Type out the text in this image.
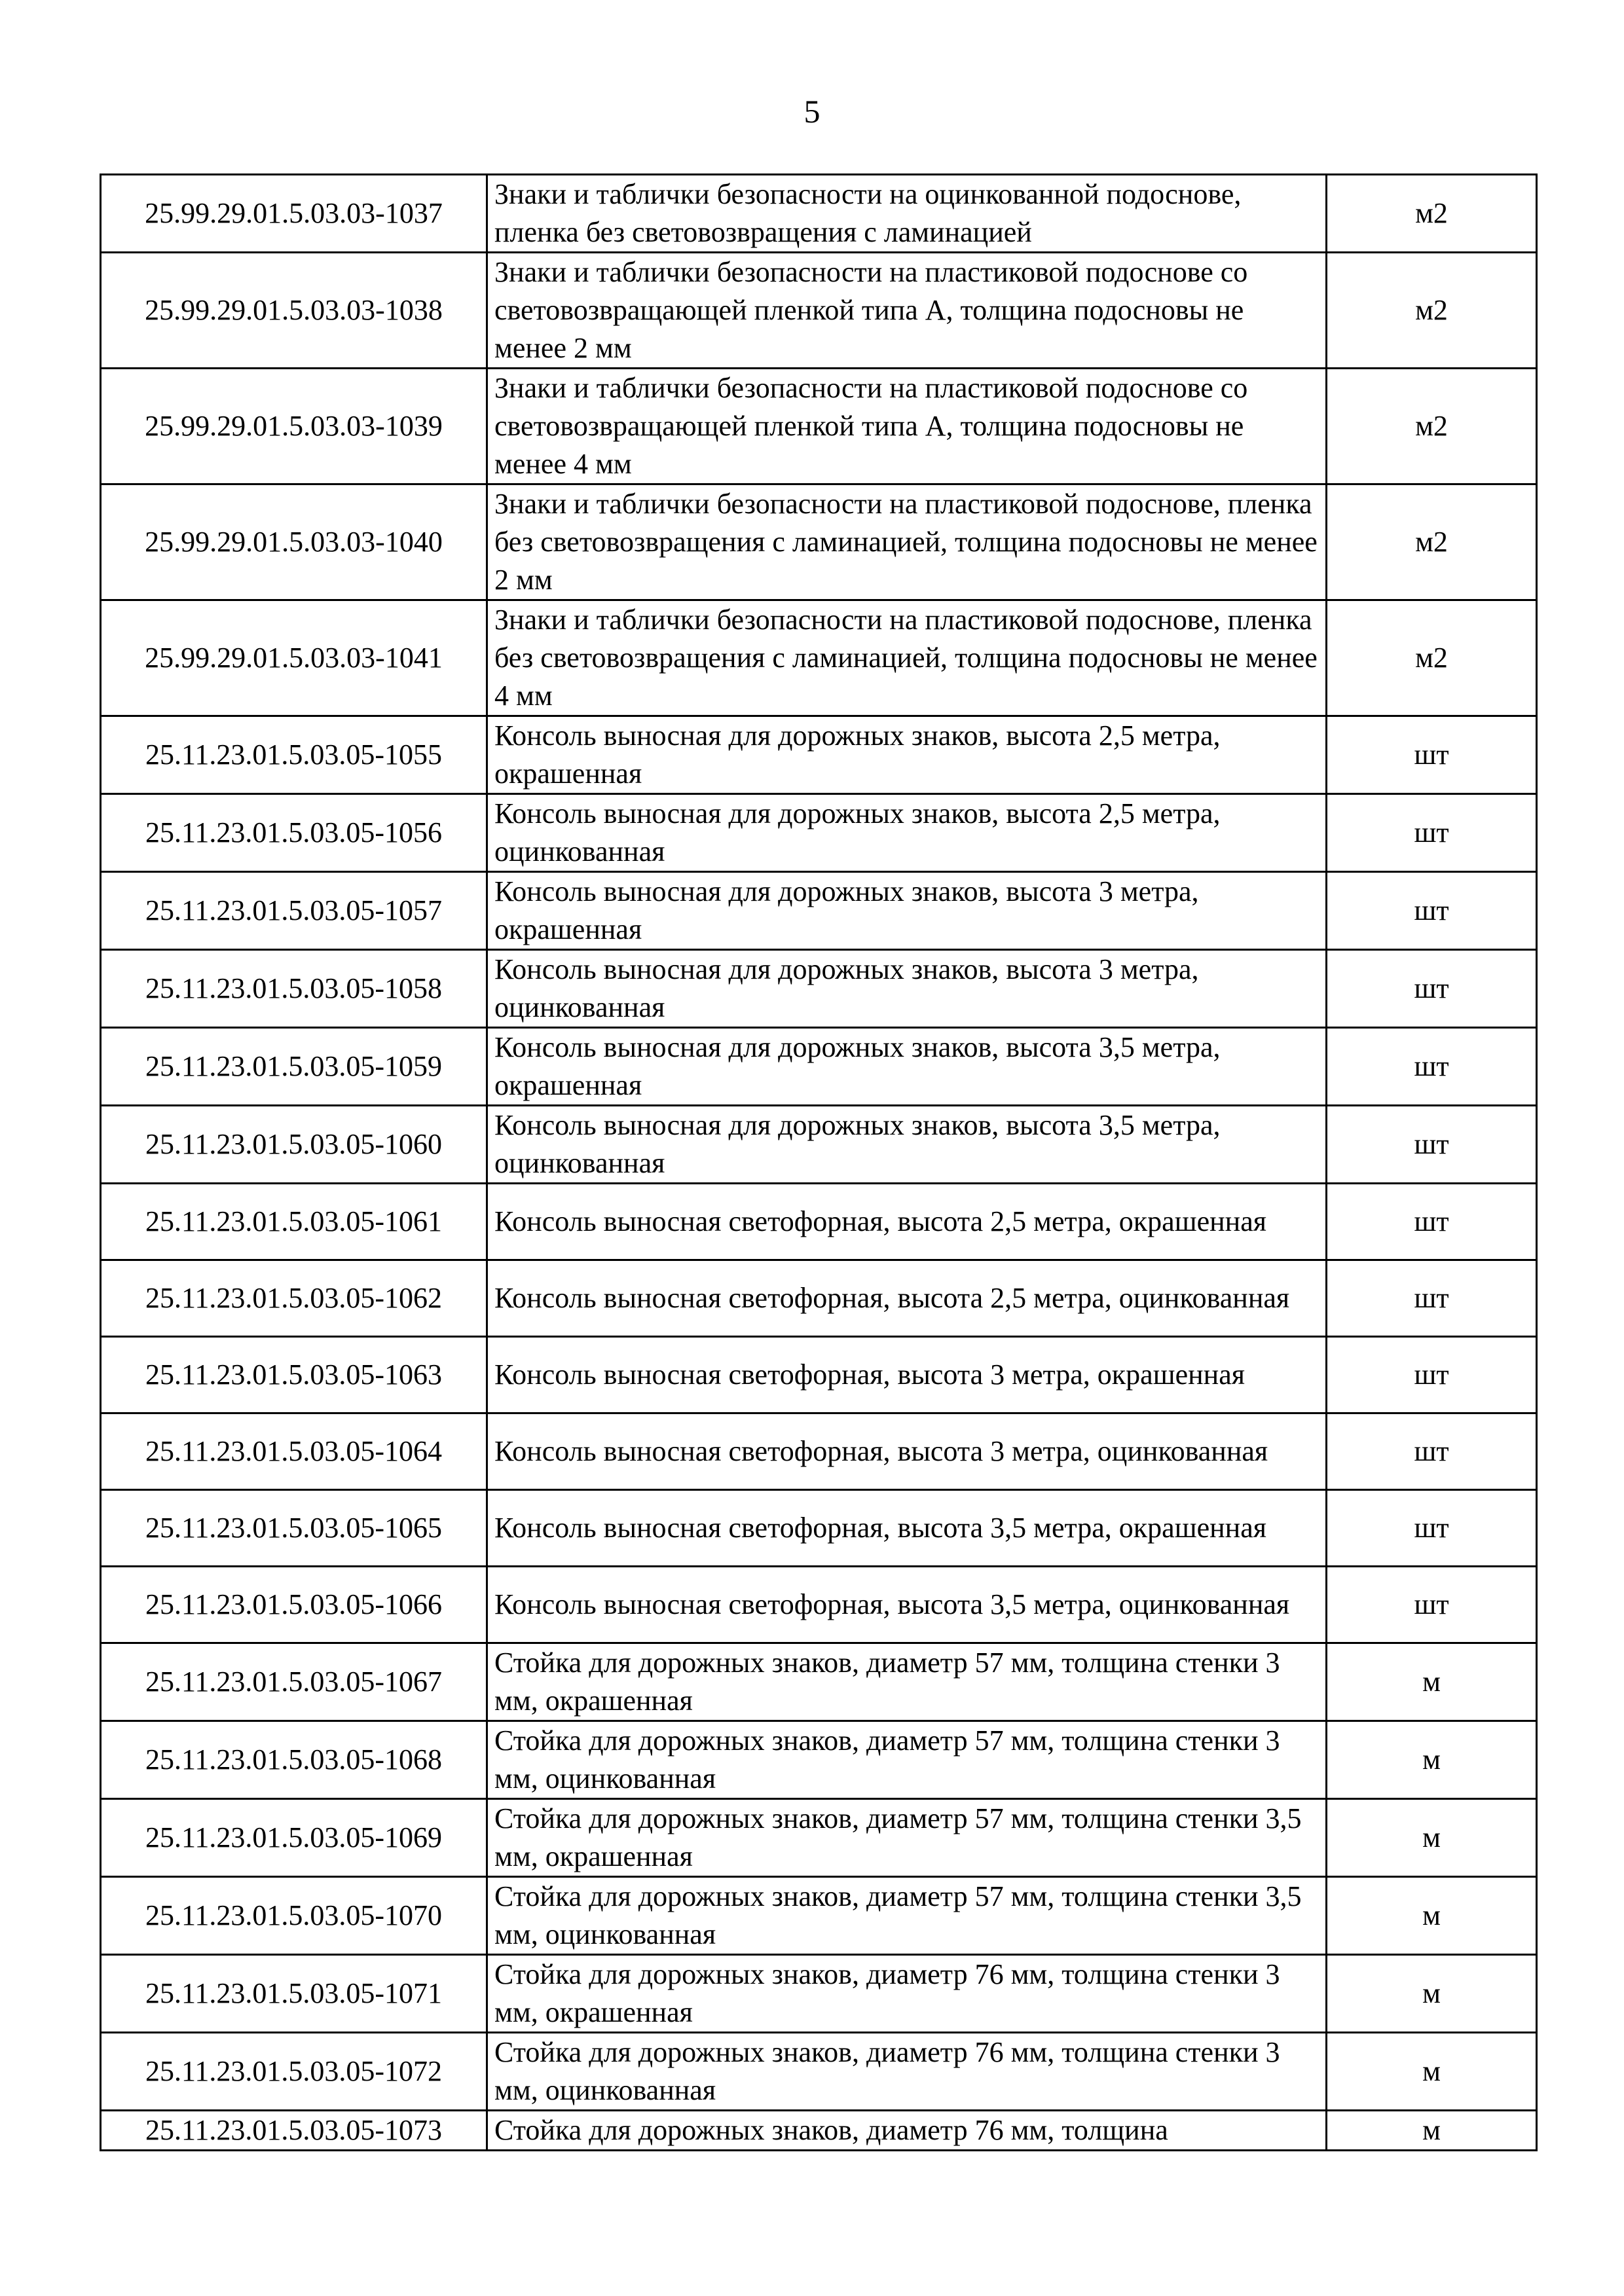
5
25.99.29.01.5.03.03-1037	Знаки и таблички безопасности на оцинкованной подоснове, пленка без световозвращения с ламинацией	м2
25.99.29.01.5.03.03-1038	Знаки и таблички безопасности на пластиковой подоснове со световозвращающей пленкой типа А, толщина подосновы не менее 2 мм	м2
25.99.29.01.5.03.03-1039	Знаки и таблички безопасности на пластиковой подоснове со световозвращающей пленкой типа А, толщина подосновы не менее 4 мм	м2
25.99.29.01.5.03.03-1040	Знаки и таблички безопасности на пластиковой подоснове, пленка без световозвращения с ламинацией, толщина подосновы не менее 2 мм	м2
25.99.29.01.5.03.03-1041	Знаки и таблички безопасности на пластиковой подоснове, пленка без световозвращения с ламинацией, толщина подосновы не менее 4 мм	м2
25.11.23.01.5.03.05-1055	Консоль выносная для дорожных знаков, высота 2,5 метра, окрашенная	шт
25.11.23.01.5.03.05-1056	Консоль выносная для дорожных знаков, высота 2,5 метра, оцинкованная	шт
25.11.23.01.5.03.05-1057	Консоль выносная для дорожных знаков, высота 3 метра, окрашенная	шт
25.11.23.01.5.03.05-1058	Консоль выносная для дорожных знаков, высота 3 метра, оцинкованная	шт
25.11.23.01.5.03.05-1059	Консоль выносная для дорожных знаков, высота 3,5 метра, окрашенная	шт
25.11.23.01.5.03.05-1060	Консоль выносная для дорожных знаков, высота 3,5 метра, оцинкованная	шт
25.11.23.01.5.03.05-1061	Консоль выносная светофорная, высота 2,5 метра, окрашенная	шт
25.11.23.01.5.03.05-1062	Консоль выносная светофорная, высота 2,5 метра, оцинкованная	шт
25.11.23.01.5.03.05-1063	Консоль выносная светофорная, высота 3 метра, окрашенная	шт
25.11.23.01.5.03.05-1064	Консоль выносная светофорная, высота 3 метра, оцинкованная	шт
25.11.23.01.5.03.05-1065	Консоль выносная светофорная, высота 3,5 метра, окрашенная	шт
25.11.23.01.5.03.05-1066	Консоль выносная светофорная, высота 3,5 метра, оцинкованная	шт
25.11.23.01.5.03.05-1067	Стойка для дорожных знаков, диаметр 57 мм, толщина стенки 3 мм, окрашенная	м
25.11.23.01.5.03.05-1068	Стойка для дорожных знаков, диаметр 57 мм, толщина стенки 3 мм, оцинкованная	м
25.11.23.01.5.03.05-1069	Стойка для дорожных знаков, диаметр 57 мм, толщина стенки 3,5 мм, окрашенная	м
25.11.23.01.5.03.05-1070	Стойка для дорожных знаков, диаметр 57 мм, толщина стенки 3,5 мм, оцинкованная	м
25.11.23.01.5.03.05-1071	Стойка для дорожных знаков, диаметр 76 мм, толщина стенки 3 мм, окрашенная	м
25.11.23.01.5.03.05-1072	Стойка для дорожных знаков, диаметр 76 мм, толщина стенки 3 мм, оцинкованная	м
25.11.23.01.5.03.05-1073	Стойка для дорожных знаков, диаметр 76 мм, толщина	м
